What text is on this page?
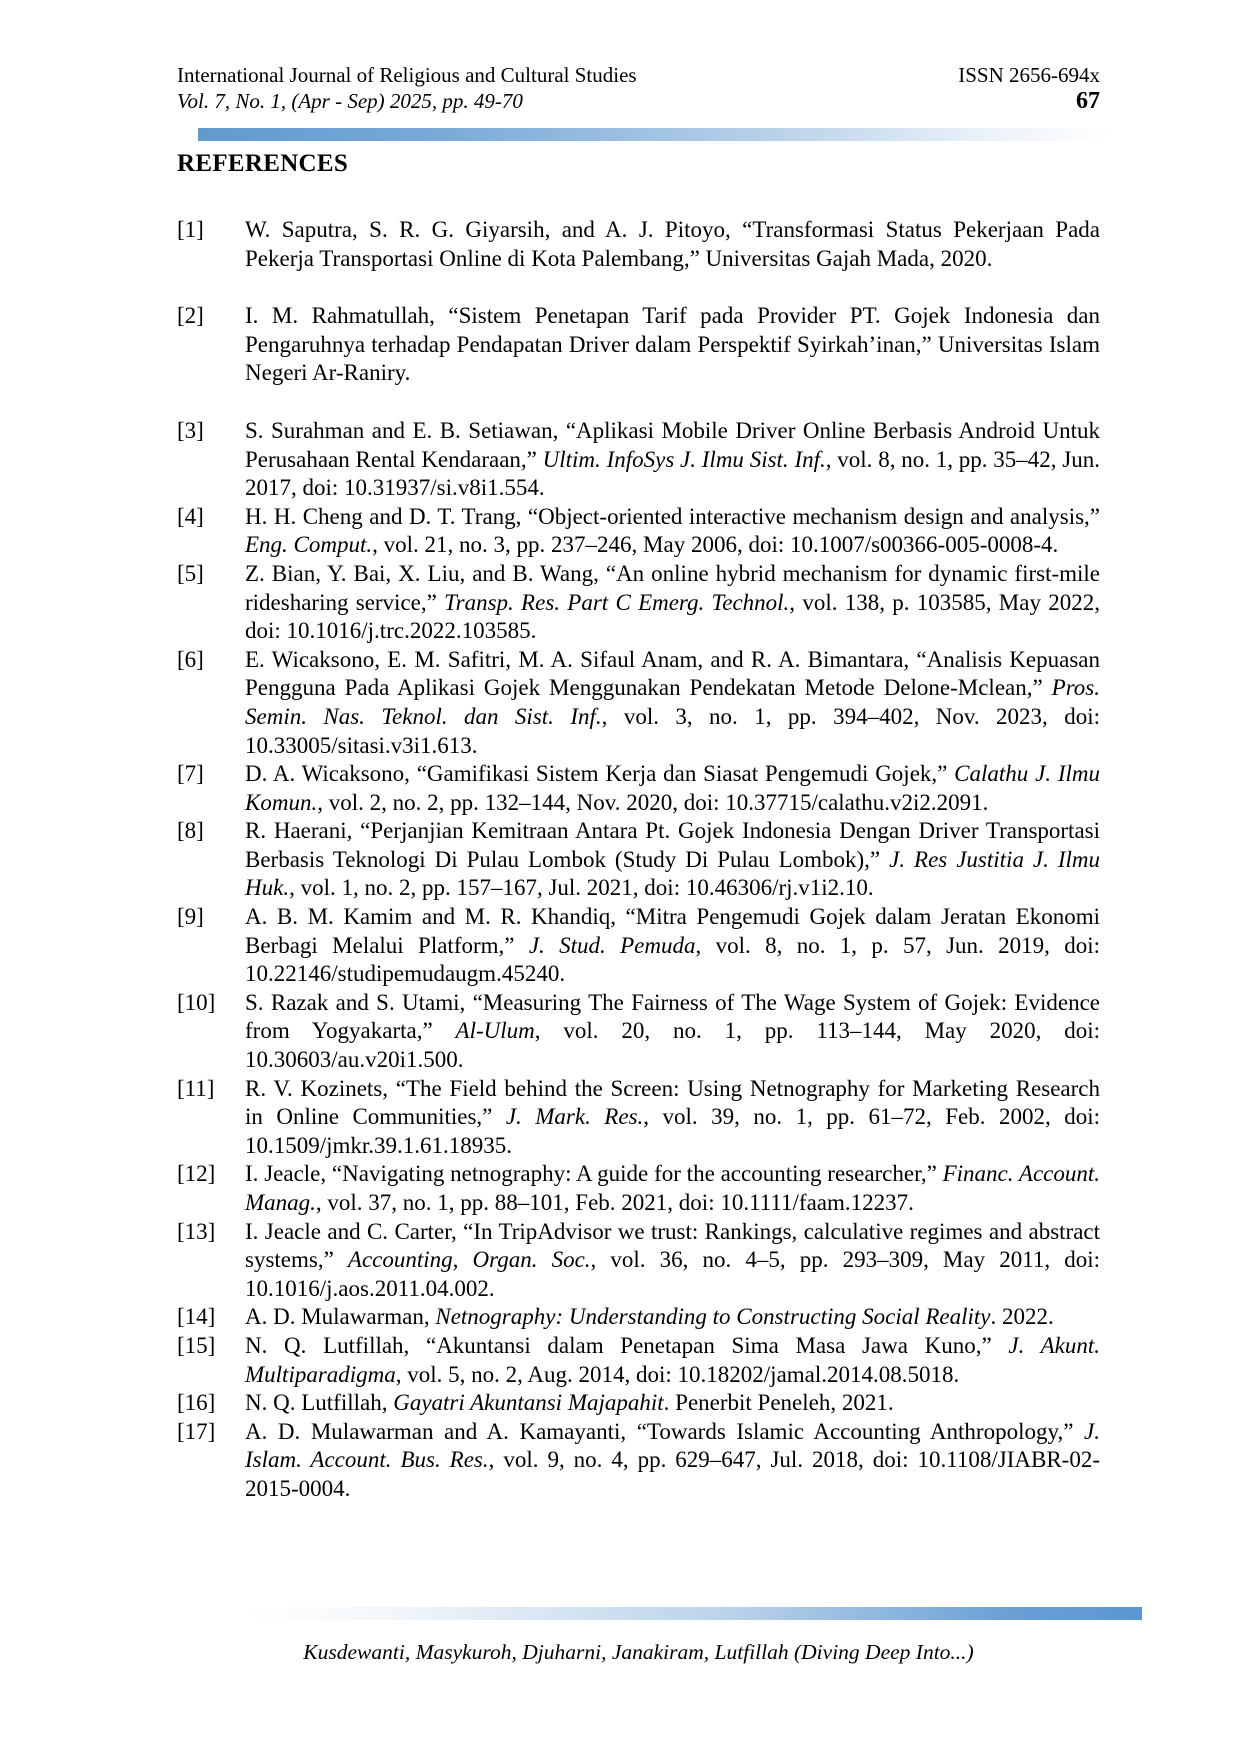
International Journal of Religious and Cultural Studies	ISSN 2656-694x
Vol. 7, No. 1, (Apr - Sep) 2025, pp. 49-70	67
REFERENCES
[1] W. Saputra, S. R. G. Giyarsih, and A. J. Pitoyo, “Transformasi Status Pekerjaan Pada Pekerja Transportasi Online di Kota Palembang,” Universitas Gajah Mada, 2020.
[2] I. M. Rahmatullah, “Sistem Penetapan Tarif pada Provider PT. Gojek Indonesia dan Pengaruhnya terhadap Pendapatan Driver dalam Perspektif Syirkah’inan,” Universitas Islam Negeri Ar-Raniry.
[3] S. Surahman and E. B. Setiawan, “Aplikasi Mobile Driver Online Berbasis Android Untuk Perusahaan Rental Kendaraan,” Ultim. InfoSys J. Ilmu Sist. Inf., vol. 8, no. 1, pp. 35–42, Jun. 2017, doi: 10.31937/si.v8i1.554.
[4] H. H. Cheng and D. T. Trang, “Object-oriented interactive mechanism design and analysis,” Eng. Comput., vol. 21, no. 3, pp. 237–246, May 2006, doi: 10.1007/s00366-005-0008-4.
[5] Z. Bian, Y. Bai, X. Liu, and B. Wang, “An online hybrid mechanism for dynamic first-mile ridesharing service,” Transp. Res. Part C Emerg. Technol., vol. 138, p. 103585, May 2022, doi: 10.1016/j.trc.2022.103585.
[6] E. Wicaksono, E. M. Safitri, M. A. Sifaul Anam, and R. A. Bimantara, “Analisis Kepuasan Pengguna Pada Aplikasi Gojek Menggunakan Pendekatan Metode Delone-Mclean,” Pros. Semin. Nas. Teknol. dan Sist. Inf., vol. 3, no. 1, pp. 394–402, Nov. 2023, doi: 10.33005/sitasi.v3i1.613.
[7] D. A. Wicaksono, “Gamifikasi Sistem Kerja dan Siasat Pengemudi Gojek,” Calathu J. Ilmu Komun., vol. 2, no. 2, pp. 132–144, Nov. 2020, doi: 10.37715/calathu.v2i2.2091.
[8] R. Haerani, “Perjanjian Kemitraan Antara Pt. Gojek Indonesia Dengan Driver Transportasi Berbasis Teknologi Di Pulau Lombok (Study Di Pulau Lombok),” J. Res Justitia J. Ilmu Huk., vol. 1, no. 2, pp. 157–167, Jul. 2021, doi: 10.46306/rj.v1i2.10.
[9] A. B. M. Kamim and M. R. Khandiq, “Mitra Pengemudi Gojek dalam Jeratan Ekonomi Berbagi Melalui Platform,” J. Stud. Pemuda, vol. 8, no. 1, p. 57, Jun. 2019, doi: 10.22146/studipemudaugm.45240.
[10] S. Razak and S. Utami, “Measuring The Fairness of The Wage System of Gojek: Evidence from Yogyakarta,” Al-Ulum, vol. 20, no. 1, pp. 113–144, May 2020, doi: 10.30603/au.v20i1.500.
[11] R. V. Kozinets, “The Field behind the Screen: Using Netnography for Marketing Research in Online Communities,” J. Mark. Res., vol. 39, no. 1, pp. 61–72, Feb. 2002, doi: 10.1509/jmkr.39.1.61.18935.
[12] I. Jeacle, “Navigating netnography: A guide for the accounting researcher,” Financ. Account. Manag., vol. 37, no. 1, pp. 88–101, Feb. 2021, doi: 10.1111/faam.12237.
[13] I. Jeacle and C. Carter, “In TripAdvisor we trust: Rankings, calculative regimes and abstract systems,” Accounting, Organ. Soc., vol. 36, no. 4–5, pp. 293–309, May 2011, doi: 10.1016/j.aos.2011.04.002.
[14] A. D. Mulawarman, Netnography: Understanding to Constructing Social Reality. 2022.
[15] N. Q. Lutfillah, “Akuntansi dalam Penetapan Sima Masa Jawa Kuno,” J. Akunt. Multiparadigma, vol. 5, no. 2, Aug. 2014, doi: 10.18202/jamal.2014.08.5018.
[16] N. Q. Lutfillah, Gayatri Akuntansi Majapahit. Penerbit Peneleh, 2021.
[17] A. D. Mulawarman and A. Kamayanti, “Towards Islamic Accounting Anthropology,” J. Islam. Account. Bus. Res., vol. 9, no. 4, pp. 629–647, Jul. 2018, doi: 10.1108/JIABR-02-2015-0004.
Kusdewanti, Masykuroh, Djuharni, Janakiram, Lutfillah (Diving Deep Into...)
